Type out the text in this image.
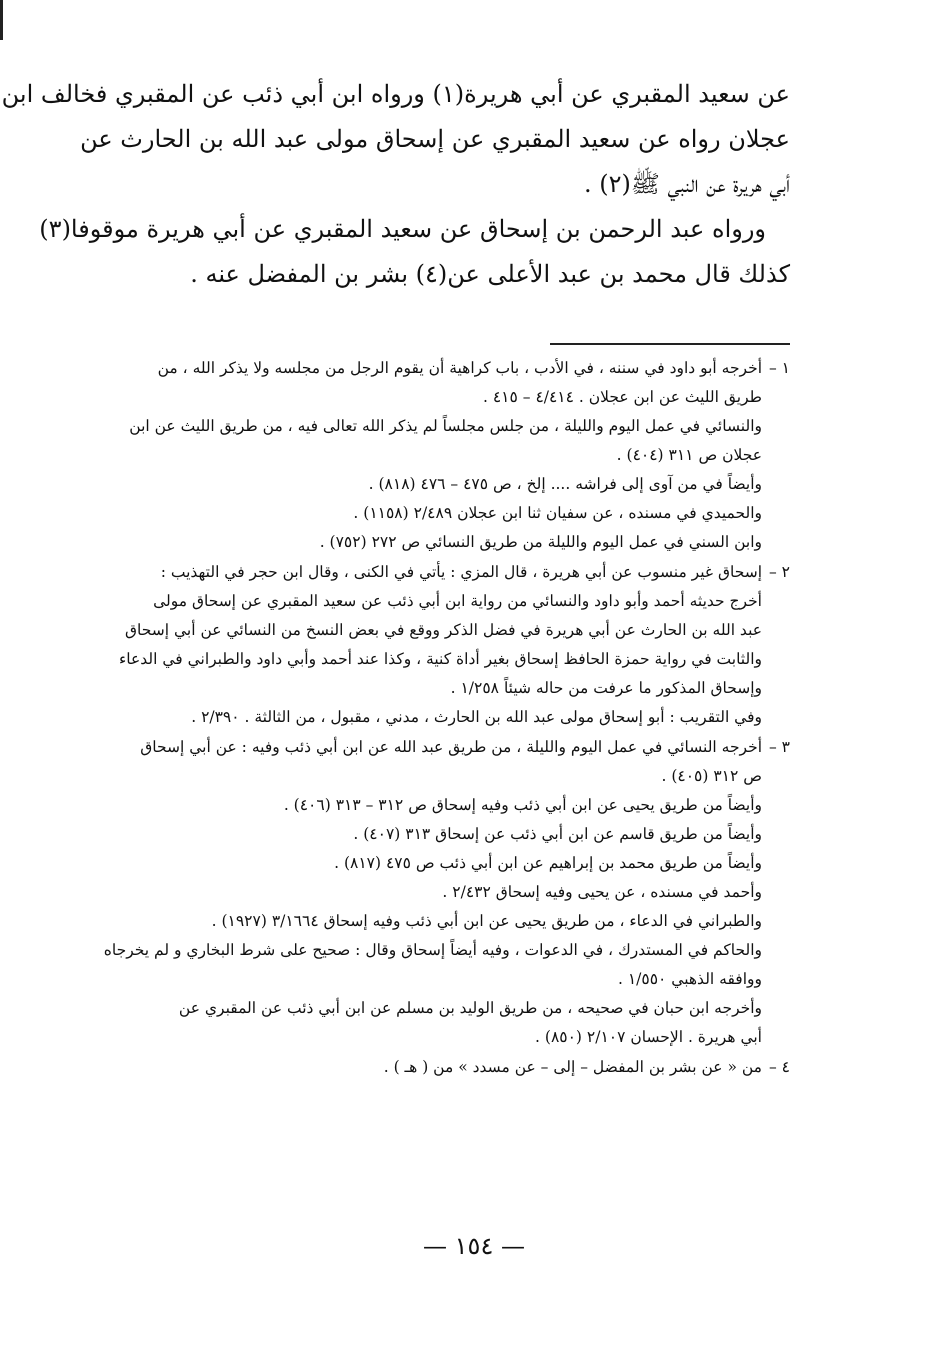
عن سعيد المقبري عن أبي هريرة(١) ورواه ابن أبي ذئب عن المقبري فخالف ابن

عجلان رواه عن سعيد المقبري عن إسحاق مولى عبد الله بن الحارث عن

أبي هريرة عن النبي ﷺ(٢) .

ورواه عبد الرحمن بن إسحاق عن سعيد المقبري عن أبي هريرة موقوفا(٣)

كذلك قال محمد بن عبد الأعلى عن(٤) بشر بن المفضل عنه .

١ –

أخرجه أبو داود في سننه ، في الأدب ، باب كراهية أن يقوم الرجل من مجلسه ولا يذكر الله ، من

طريق الليث عن ابن عجلان . ٤/٤١٤ – ٤١٥ .

والنسائي في عمل اليوم والليلة ، من جلس مجلساً لم يذكر الله تعالى فيه ، من طريق الليث عن ابن

عجلان ص ٣١١ (٤٠٤) .

وأيضاً في من آوى إلى فراشه .... إلخ ، ص ٤٧٥ – ٤٧٦ (٨١٨) .

والحميدي في مسنده ، عن سفيان ثنا ابن عجلان ٢/٤٨٩ (١١٥٨) .

وابن السني في عمل اليوم والليلة من طريق النسائي ص ٢٧٢ (٧٥٢) .

٢ –

إسحاق غير منسوب عن أبي هريرة ، قال المزي : يأتي في الكنى ، وقال ابن حجر في التهذيب :

أخرج حديثه أحمد وأبو داود والنسائي من رواية ابن أبي ذئب عن سعيد المقبري عن إسحاق مولى

عبد الله بن الحارث عن أبي هريرة في فضل الذكر ووقع في بعض النسخ من النسائي عن أبي إسحاق

والثابت في رواية حمزة الحافظ إسحاق بغير أداة كنية ، وكذا عند أحمد وأبي داود والطبراني في الدعاء

وإسحاق المذكور ما عرفت من حاله شيئاً ١/٢٥٨ .

وفي التقريب : أبو إسحاق مولى عبد الله بن الحارث ، مدني ، مقبول ، من الثالثة . ٢/٣٩٠ .

٣ –

أخرجه النسائي في عمل اليوم والليلة ، من طريق عبد الله عن ابن أبي ذئب وفيه : عن أبي إسحاق

ص ٣١٢ (٤٠٥) .

وأيضاً من طريق يحيى عن ابن أبي ذئب وفيه إسحاق ص ٣١٢ – ٣١٣ (٤٠٦) .

وأيضاً من طريق قاسم عن ابن أبي ذئب عن إسحاق ٣١٣ (٤٠٧) .

وأيضاً من طريق محمد بن إبراهيم عن ابن أبي ذئب ص ٤٧٥ (٨١٧) .

وأحمد في مسنده ، عن يحيى وفيه إسحاق ٢/٤٣٢ .

والطبراني في الدعاء ، من طريق يحيى عن ابن أبي ذئب وفيه إسحاق ٣/١٦٦٤ (١٩٢٧) .

والحاكم في المستدرك ، في الدعوات ، وفيه أيضاً إسحاق وقال : صحيح على شرط البخاري و لم يخرجاه

ووافقه الذهبي ١/٥٥٠ .

وأخرجه ابن حبان في صحيحه ، من طريق الوليد بن مسلم عن ابن أبي ذئب عن المقبري عن

أبي هريرة . الإحسان ٢/١٠٧ (٨٥٠) .

٤ –

من « عن بشر بن المفضل – إلى – عن مسدد » من ( هـ ) .

— ١٥٤ —
